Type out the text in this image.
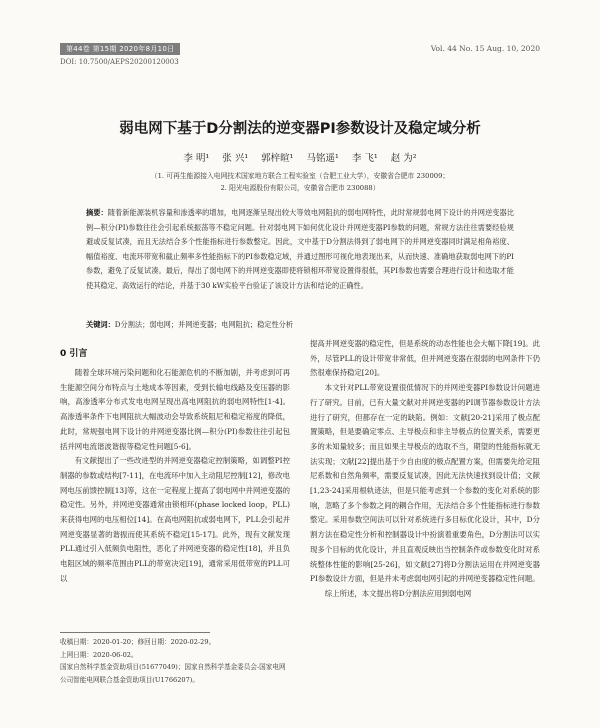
第44卷 第15期 2020年8月10日	Vol. 44 No. 15 Aug. 10, 2020
DOI: 10.7500/AEPS20200120003
弱电网下基于D分割法的逆变器PI参数设计及稳定域分析
李 明¹ 张 兴¹ 郭梓暄¹ 马铭遥¹ 李 飞¹ 赵 为²
（1. 可再生能源接入电网技术国家地方联合工程实验室（合肥工业大学），安徽省合肥市 230009；
2. 阳光电源股份有限公司，安徽省合肥市 230088）
摘要：随着新能源装机容量和渗透率的增加，电网逐渐呈现出较大等效电网阻抗的弱电网特性，此时常规弱电网下设计的并网逆变器比例—积分(PI)参数往往会引起系统振荡等不稳定问题。针对弱电网下如何优化设计并网逆变器PI参数的问题，常规方法往往需要经验规避或反复试凑，而且无法结合多个性能指标进行参数整定。因此，文中基于D分割法得到了弱电网下的并网逆变器同时满足相角裕度、幅值裕度、电流环带宽和截止频率多性能指标下的PI参数稳定域，并通过图形可视化地表现出来，从而快速、准确地获取弱电网下的PI参数，避免了反复试凑。最后，得出了弱电网下的并网逆变器即使将锁相环带宽设置得很低，其PI参数也需要合理进行设计和选取才能使其稳定、高效运行的结论，并基于30 kW实验平台验证了该设计方法和结论的正确性。
关键词：D分割法；弱电网；并网逆变器；电网阻抗；稳定性分析
0 引言

随着全球环境污染问题和化石能源危机的不断加剧，并考虑到可再生能源空间分布特点与土地成本等因素，受到长输电线路及变压器的影响，高渗透率分布式发电电网呈现出高电网阻抗的弱电网特性[1-4]。高渗透率条件下电网阻抗大幅波动会导致系统阻尼和稳定裕度的降低，此时，常规强电网下设计的并网逆变器比例—积分(PI)参数往往引起包括并网电流谐波谐振等稳定性问题[5-6]。

有文献提出了一些改进型的并网逆变器稳定控制策略，如调整PI控制器的参数或结构[7-11]，在电流环中加入主动阻尼控制[12]，修改电网电压前馈控制[13]等，这在一定程度上提高了弱电网中并网逆变器的稳定性。另外，并网逆变器通常由锁相环(phase locked loop，PLL)来获得电网的电压相位[14]。在高电网阻抗或弱电网下，PLL会引起并网逆变器显著的谐振而使其系统不稳定[15-17]。此外，现有文献发现PLL通过引入低频负电阻性，恶化了并网逆变器的稳定性[18]，并且负电阻区域的频率范围由PLL的带宽决定[19]，通常采用低带宽的PLL可以

提高并网逆变器的稳定性，但是系统的动态性能也会大幅下降[19]。此外，尽管PLL的设计带宽非常低，但并网逆变器在很弱的电网条件下仍然很难保持稳定[20]。

本文针对PLL带宽设置很低情况下的并网逆变器PI参数设计问题进行了研究。目前，已有大量文献对并网逆变器的PI调节器参数设计方法进行了研究，但都存在一定的缺陷。例如：文献[20-21]采用了极点配置策略，但是要确定零点、主导极点和非主导极点的位置关系，需要更多的未知量较多；而且如果主导极点的选取不当，期望的性能指标就无法实现；文献[22]提出基于少自由度的极点配置方案，但需要先给定阻尼系数和自然角频率，需要反复试凑，因此无法快速找到设计值；文献[1,23-24]采用根轨迹法，但是只能考虑到一个参数的变化对系统的影响，忽略了多个参数之间的耦合作用，无法结合多个性能指标进行参数整定。采用参数空间法可以针对系统进行多目标优化设计，其中，D分割方法在稳定性分析和控制器设计中扮演着重要角色，D分割法可以实现多个目标的优化设计，并且直观反映出当控制条件或参数变化时对系统整体性能的影响[25-26]，如文献[27]将D分割法运用在并网逆变器PI参数设计方面，但是并未考虑弱电网引起的并网逆变器稳定性问题。

综上所述，本文提出将D分割法应用到弱电网

收稿日期：2020-01-20；修回日期：2020-02-29。
上网日期：2020-06-02。
国家自然科学基金资助项目(51677049)；国家自然科学基金委员会-国家电网公司智能电网联合基金资助项目(U1766207)。
